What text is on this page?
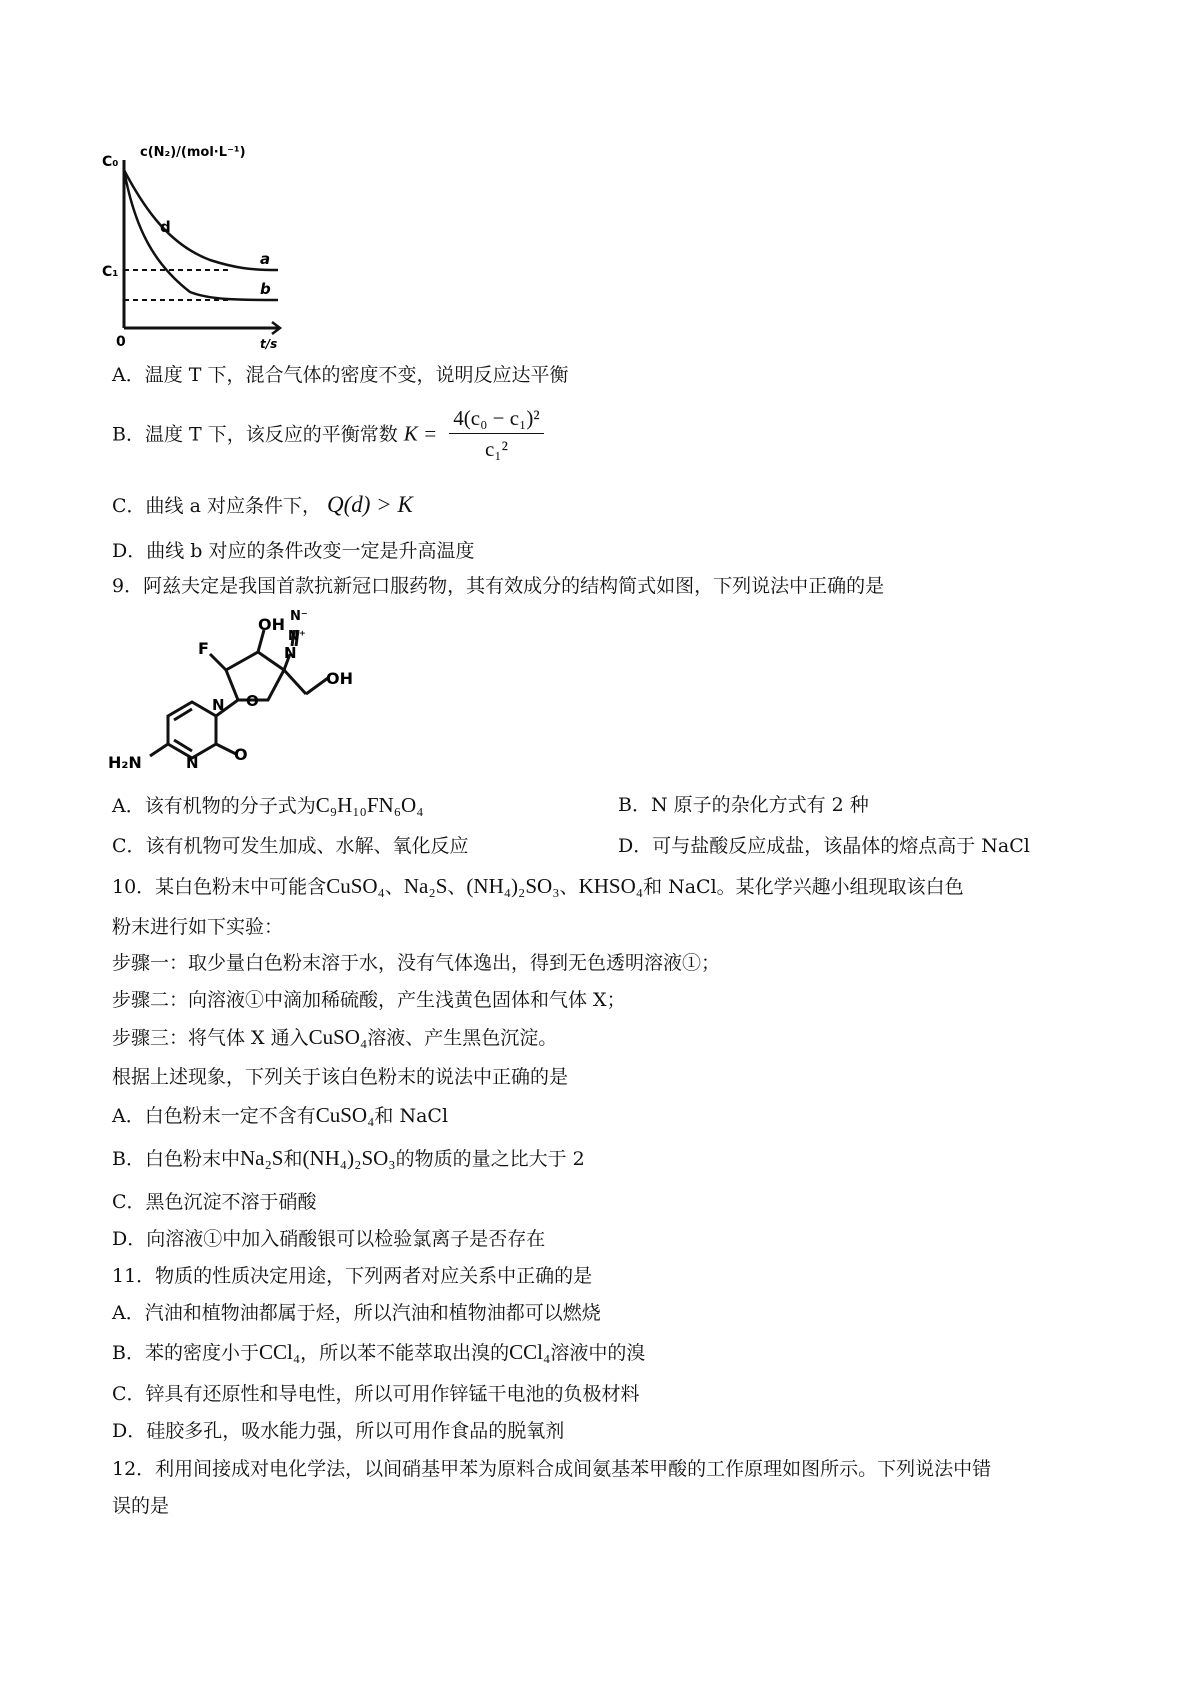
C₀
c(N₂)/(mol·L⁻¹)
C₁
0	t/s
d
a
b
A．温度 T 下，混合气体的密度不变，说明反应达平衡
B．温度 T 下，该反应的平衡常数 $K = \frac{\text{4(c₀ − c₁)²}}{\text{c₁²}}$
C．曲线 a 对应条件下， Q(d) > K
D．曲线 b 对应的条件改变一定是升高温度
9．阿兹夫定是我国首款抗新冠口服药物，其有效成分的结构简式如图，下列说法中正确的是
OH N⁻
N⁺
N
F
N O
OH
H₂N	N O
A．该有机物的分子式为C₉H₁₀FN₆O₄	B．N 原子的杂化方式有 2 种
C．该有机物可发生加成、水解、氧化反应	D．可与盐酸反应成盐，该晶体的熔点高于 NaCl
10．某白色粉末中可能含CuSO₄、Na₂S、(NH₄)₂SO₃、KHSO₄和 NaCl。某化学兴趣小组现取该白色
粉末进行如下实验：
步骤一：取少量白色粉末溶于水，没有气体逸出，得到无色透明溶液①；
步骤二：向溶液①中滴加稀硫酸，产生浅黄色固体和气体 X；
步骤三：将气体 X 通入CuSO₄溶液、产生黑色沉淀。
根据上述现象，下列关于该白色粉末的说法中正确的是
A．白色粉末一定不含有CuSO₄和 NaCl
B．白色粉末中Na₂S和(NH₄)₂SO₃的物质的量之比大于 2
C．黑色沉淀不溶于硝酸
D．向溶液①中加入硝酸银可以检验氯离子是否存在
11．物质的性质决定用途，下列两者对应关系中正确的是
A．汽油和植物油都属于烃，所以汽油和植物油都可以燃烧
B．苯的密度小于CCl₄，所以苯不能萃取出溴的CCl₄溶液中的溴
C．锌具有还原性和导电性，所以可用作锌锰干电池的负极材料
D．硅胶多孔，吸水能力强，所以可用作食品的脱氧剂
12．利用间接成对电化学法，以间硝基甲苯为原料合成间氨基苯甲酸的工作原理如图所示。下列说法中错
误的是
